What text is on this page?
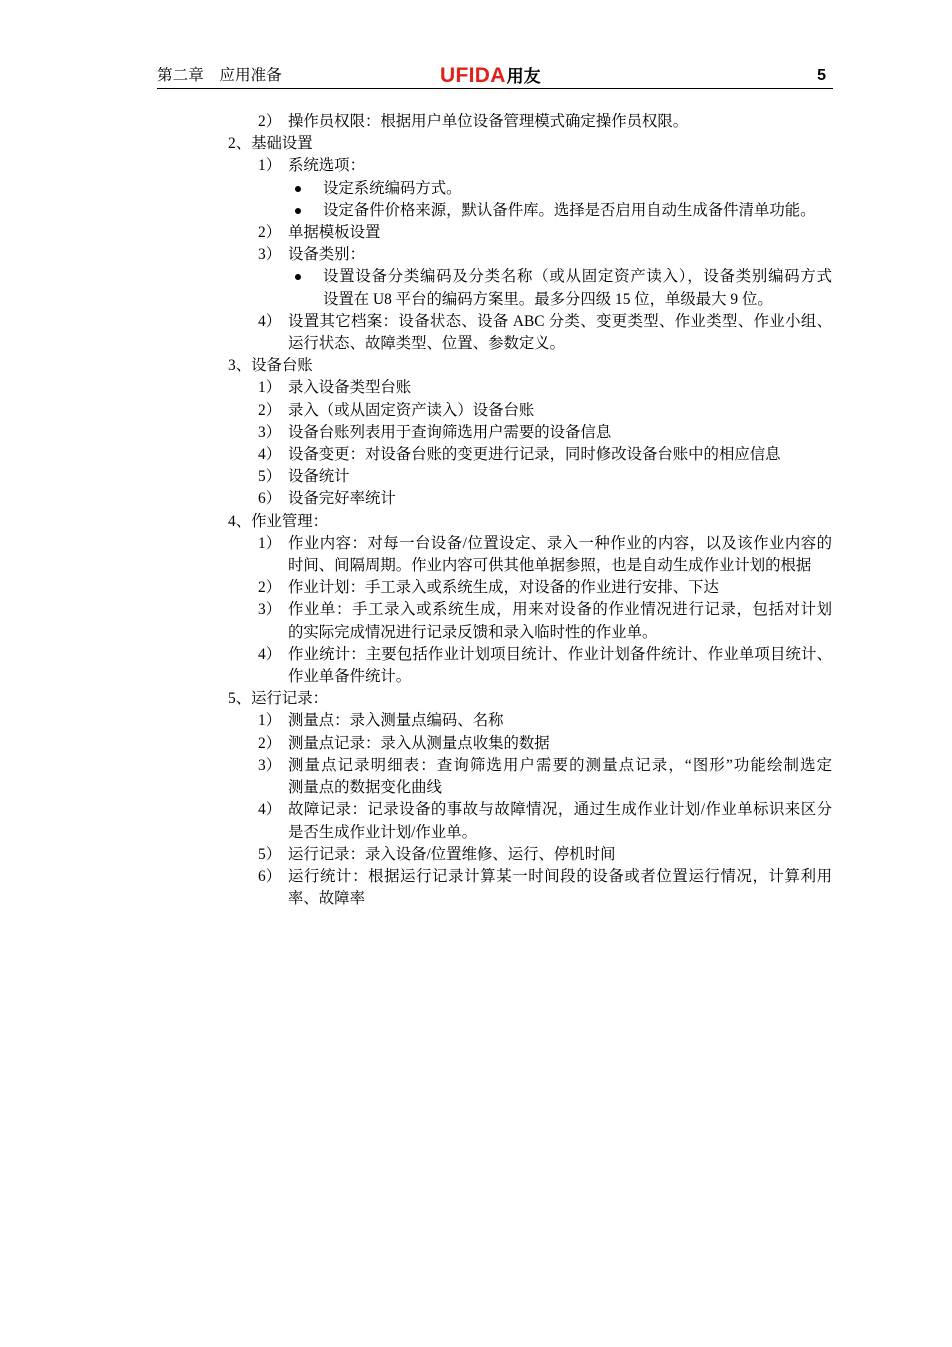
第二章　应用准备	UFIDA用友	5
2） 操作员权限：根据用户单位设备管理模式确定操作员权限。
2、基础设置
1） 系统选项：
设定系统编码方式。
设定备件价格来源，默认备件库。选择是否启用自动生成备件清单功能。
2） 单据模板设置
3） 设备类别：
设置设备分类编码及分类名称（或从固定资产读入），设备类别编码方式
设置在 U8 平台的编码方案里。最多分四级 15 位，单级最大 9 位。
4） 设置其它档案：设备状态、设备 ABC 分类、变更类型、作业类型、作业小组、
运行状态、故障类型、位置、参数定义。
3、设备台账
1） 录入设备类型台账
2） 录入（或从固定资产读入）设备台账
3） 设备台账列表用于查询筛选用户需要的设备信息
4） 设备变更：对设备台账的变更进行记录，同时修改设备台账中的相应信息
5） 设备统计
6） 设备完好率统计
4、作业管理：
1） 作业内容：对每一台设备/位置设定、录入一种作业的内容，以及该作业内容的
时间、间隔周期。作业内容可供其他单据参照，也是自动生成作业计划的根据
2） 作业计划：手工录入或系统生成，对设备的作业进行安排、下达
3） 作业单：手工录入或系统生成，用来对设备的作业情况进行记录，包括对计划
的实际完成情况进行记录反馈和录入临时性的作业单。
4） 作业统计：主要包括作业计划项目统计、作业计划备件统计、作业单项目统计、
作业单备件统计。
5、运行记录：
1） 测量点：录入测量点编码、名称
2） 测量点记录：录入从测量点收集的数据
3） 测量点记录明细表：查询筛选用户需要的测量点记录，“图形”功能绘制选定
测量点的数据变化曲线
4） 故障记录：记录设备的事故与故障情况，通过生成作业计划/作业单标识来区分
是否生成作业计划/作业单。
5） 运行记录：录入设备/位置维修、运行、停机时间
6） 运行统计：根据运行记录计算某一时间段的设备或者位置运行情况，计算利用
率、故障率
